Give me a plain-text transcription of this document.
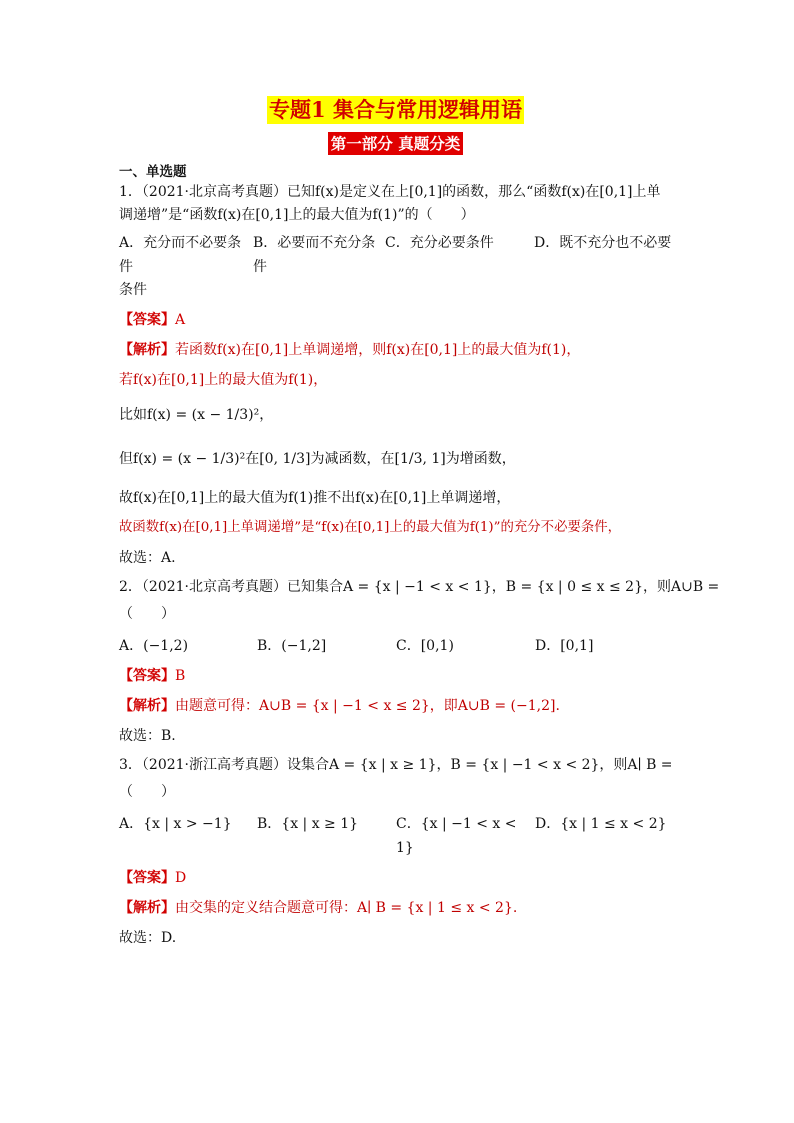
专题1 集合与常用逻辑用语
第一部分 真题分类
一、单选题

1．（2021·北京高考真题）已知f(x)是定义在上[0,1]的函数，那么“函数f(x)在[0,1]上单

调递增”是“函数f(x)在[0,1]上的最大值为f(1)”的（　　）

A．充分而不必要条件
B．必要而不充分条件
C．充分必要条件	D．既不充分也不必要
条件
【答案】A
【解析】若函数f(x)在[0,1]上单调递增，则f(x)在[0,1]上的最大值为f(1)，
若f(x)在[0,1]上的最大值为f(1)，
比如f(x) = (x − 1/3)²，
但f(x) = (x − 1/3)²在[0, 1/3]为减函数，在[1/3, 1]为增函数，
故f(x)在[0,1]上的最大值为f(1)推不出f(x)在[0,1]上单调递增，
故函数f(x)在[0,1]上单调递增”是“f(x)在[0,1]上的最大值为f(1)”的充分不必要条件，
故选：A.

2．（2021·北京高考真题）已知集合A = {x | −1 < x < 1}，B = {x | 0 ≤ x ≤ 2}，则A∪B =

（　　）

A．(−1,2)	B．(−1,2]	C．[0,1)	D．[0,1]
【答案】B
【解析】由题意可得：A∪B = {x | −1 < x ≤ 2}，即A∪B = (−1,2].
故选：B.

3．（2021·浙江高考真题）设集合A = {x | x ≥ 1}，B = {x | −1 < x < 2}，则A∣ B =

（　　）

A．{x | x > −1}	B．{x | x ≥ 1}	C．{x | −1 < x < 1}
D．{x | 1 ≤ x < 2}
【答案】D
【解析】由交集的定义结合题意可得：A∣ B = {x | 1 ≤ x < 2}.
故选：D.
